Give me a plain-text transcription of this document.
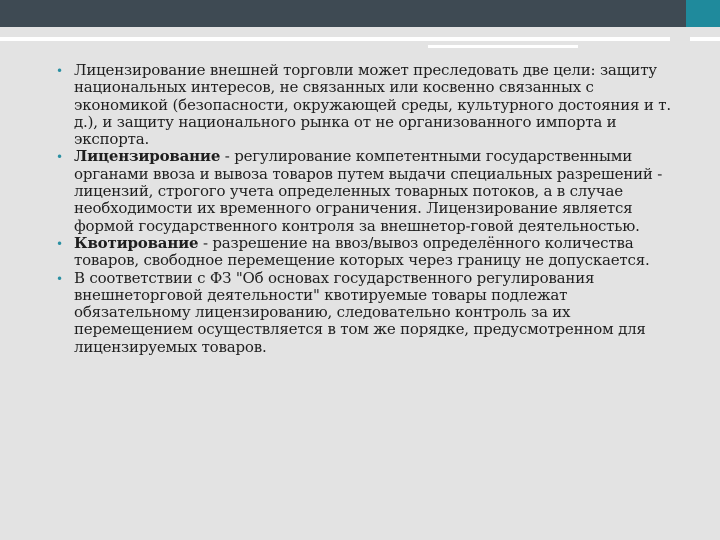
• Лицензирование внешней торговли может преследовать две цели: защиту национальных интересов, не связанных или косвенно связанных с экономикой (безопасности, окружающей среды, культурного достояния и т. д.), и защиту национального рынка от не организованного импорта и экспорта.
• Лицензирование - регулирование компетентными государственными органами ввоза и вывоза товаров путем выдачи специальных разрешений - лицензий, строгого учета определенных товарных потоков, а в случае необходимости их временного ограничения. Лицензирование является формой государственного контроля за внешнетор-говой деятельностью.
• Квотирование - разрешение на ввоз/вывоз определённого количества товаров, свободное перемещение которых через границу не допускается.
• В соответствии с ФЗ "Об основах государственного регулирования внешнеторговой деятельности" квотируемые товары подлежат обязательному лицензированию, следовательно контроль за их перемещением осуществляется в том же порядке, предусмотренном для лицензируемых товаров.
